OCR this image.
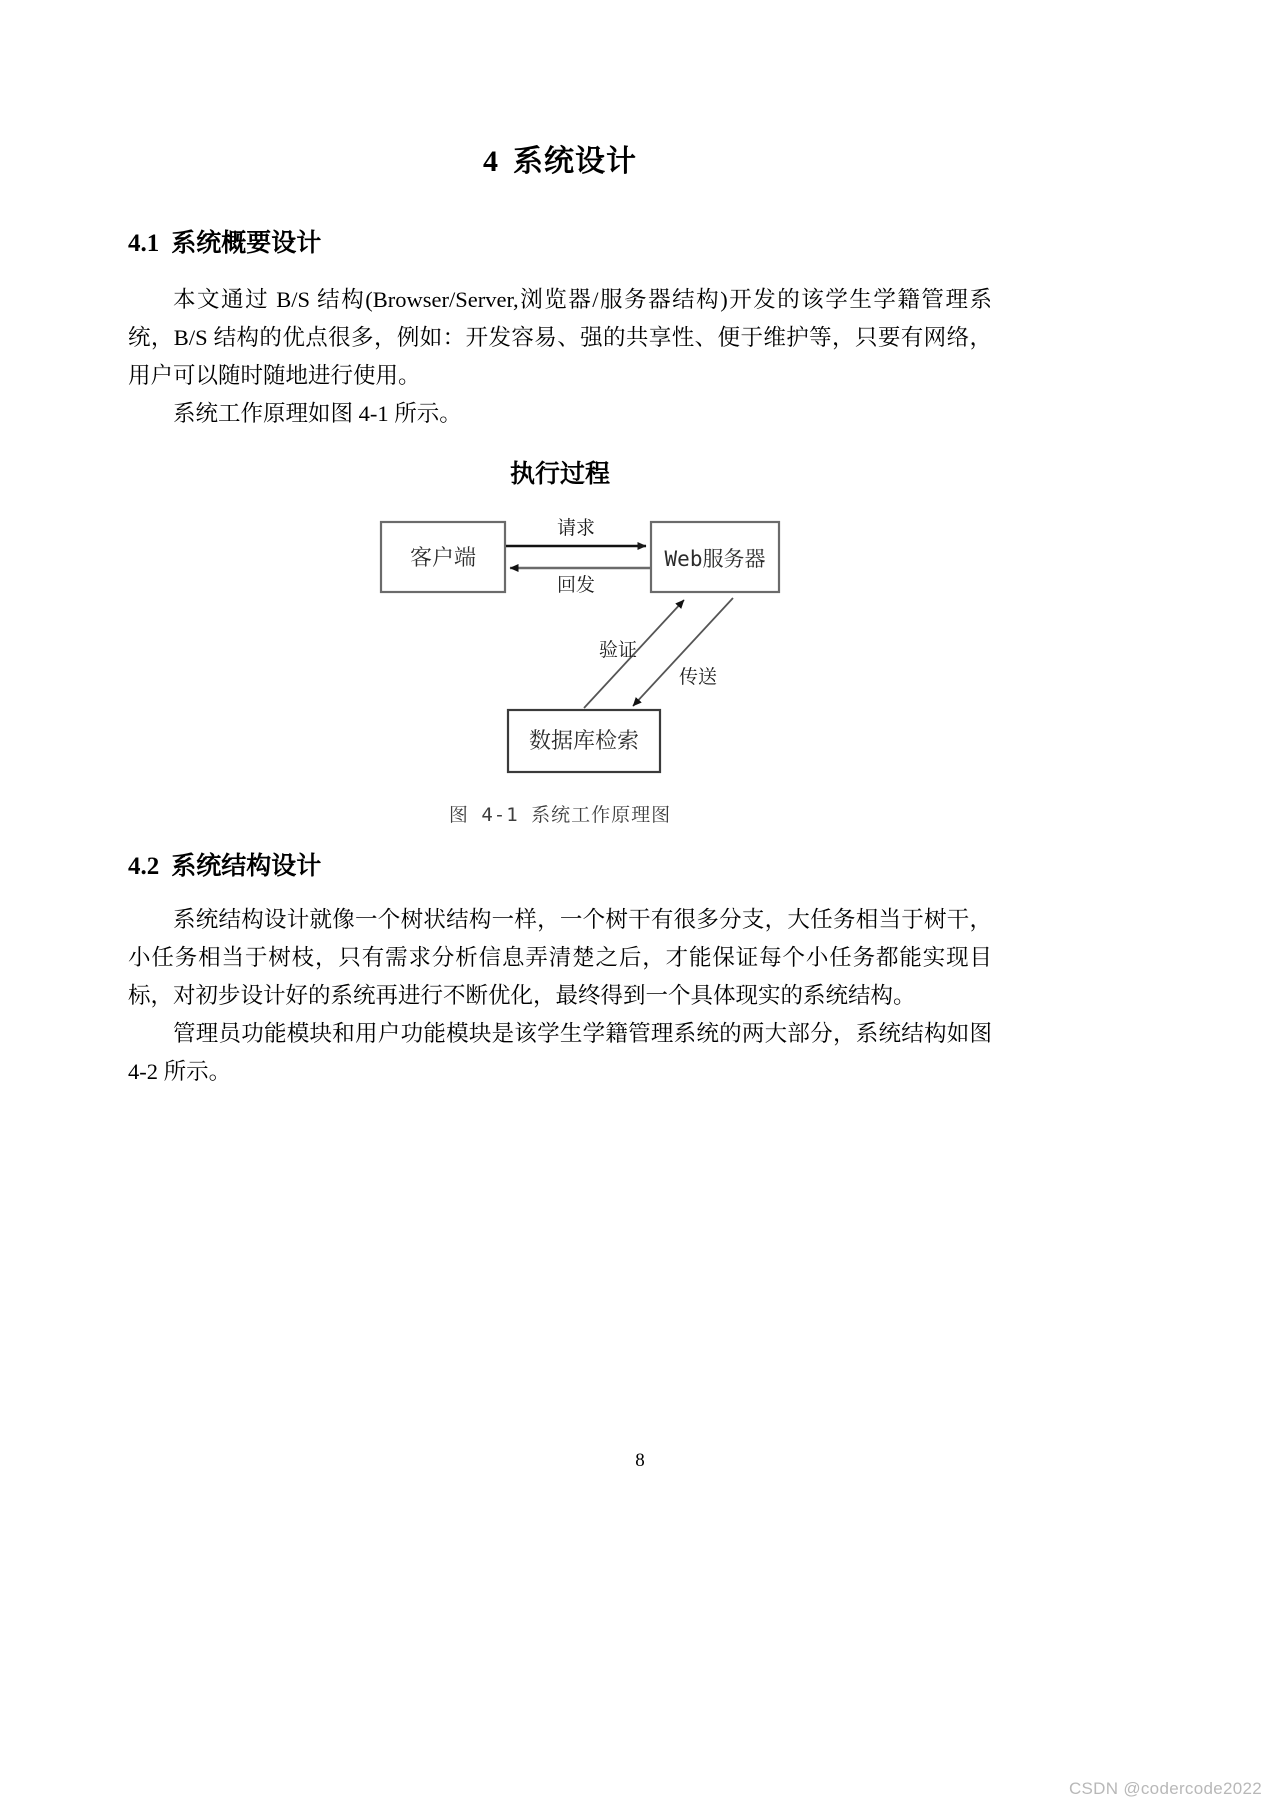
4 系统设计
4.1 系统概要设计

本文通过 B/S 结构(Browser/Server,浏览器/服务器结构)开发的该学生学籍管理系统，B/S 结构的优点很多，例如：开发容易、强的共享性、便于维护等，只要有网络，用户可以随时随地进行使用。

系统工作原理如图 4-1 所示。

执行过程
客户端	Web服务器
数据库检索
请求
回发
验证
传送
图 4-1 系统工作原理图
4.2 系统结构设计

系统结构设计就像一个树状结构一样，一个树干有很多分支，大任务相当于树干，小任务相当于树枝，只有需求分析信息弄清楚之后，才能保证每个小任务都能实现目标，对初步设计好的系统再进行不断优化，最终得到一个具体现实的系统结构。

管理员功能模块和用户功能模块是该学生学籍管理系统的两大部分，系统结构如图4-2 所示。

8
CSDN @codercode2022
